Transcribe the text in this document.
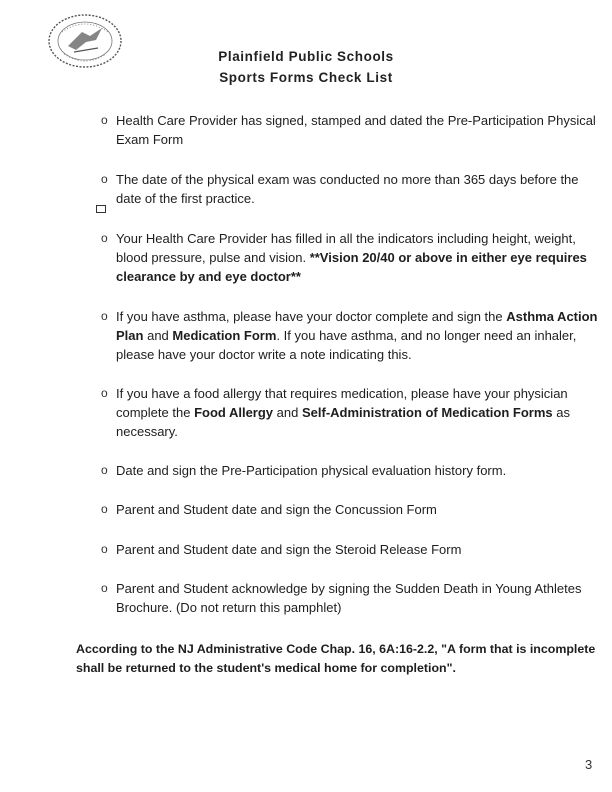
Plainfield Public Schools
Sports Forms Check List
o Health Care Provider has signed, stamped and dated the Pre-Participation Physical Exam Form
o The date of the physical exam was conducted no more than 365 days before the date of the first practice.
o Your Health Care Provider has filled in all the indicators including height, weight, blood pressure, pulse and vision. **Vision 20/40 or above in either eye requires clearance by and eye doctor**
o If you have asthma, please have your doctor complete and sign the Asthma Action Plan and Medication Form. If you have asthma, and no longer need an inhaler, please have your doctor write a note indicating this.
o If you have a food allergy that requires medication, please have your physician complete the Food Allergy and Self-Administration of Medication Forms as necessary.
o Date and sign the Pre-Participation physical evaluation history form.
o Parent and Student date and sign the Concussion Form
o Parent and Student date and sign the Steroid Release Form
o Parent and Student acknowledge by signing the Sudden Death in Young Athletes Brochure. (Do not return this pamphlet)
According to the NJ Administrative Code Chap. 16, 6A:16-2.2, "A form that is incomplete shall be returned to the student's medical home for completion".
3
